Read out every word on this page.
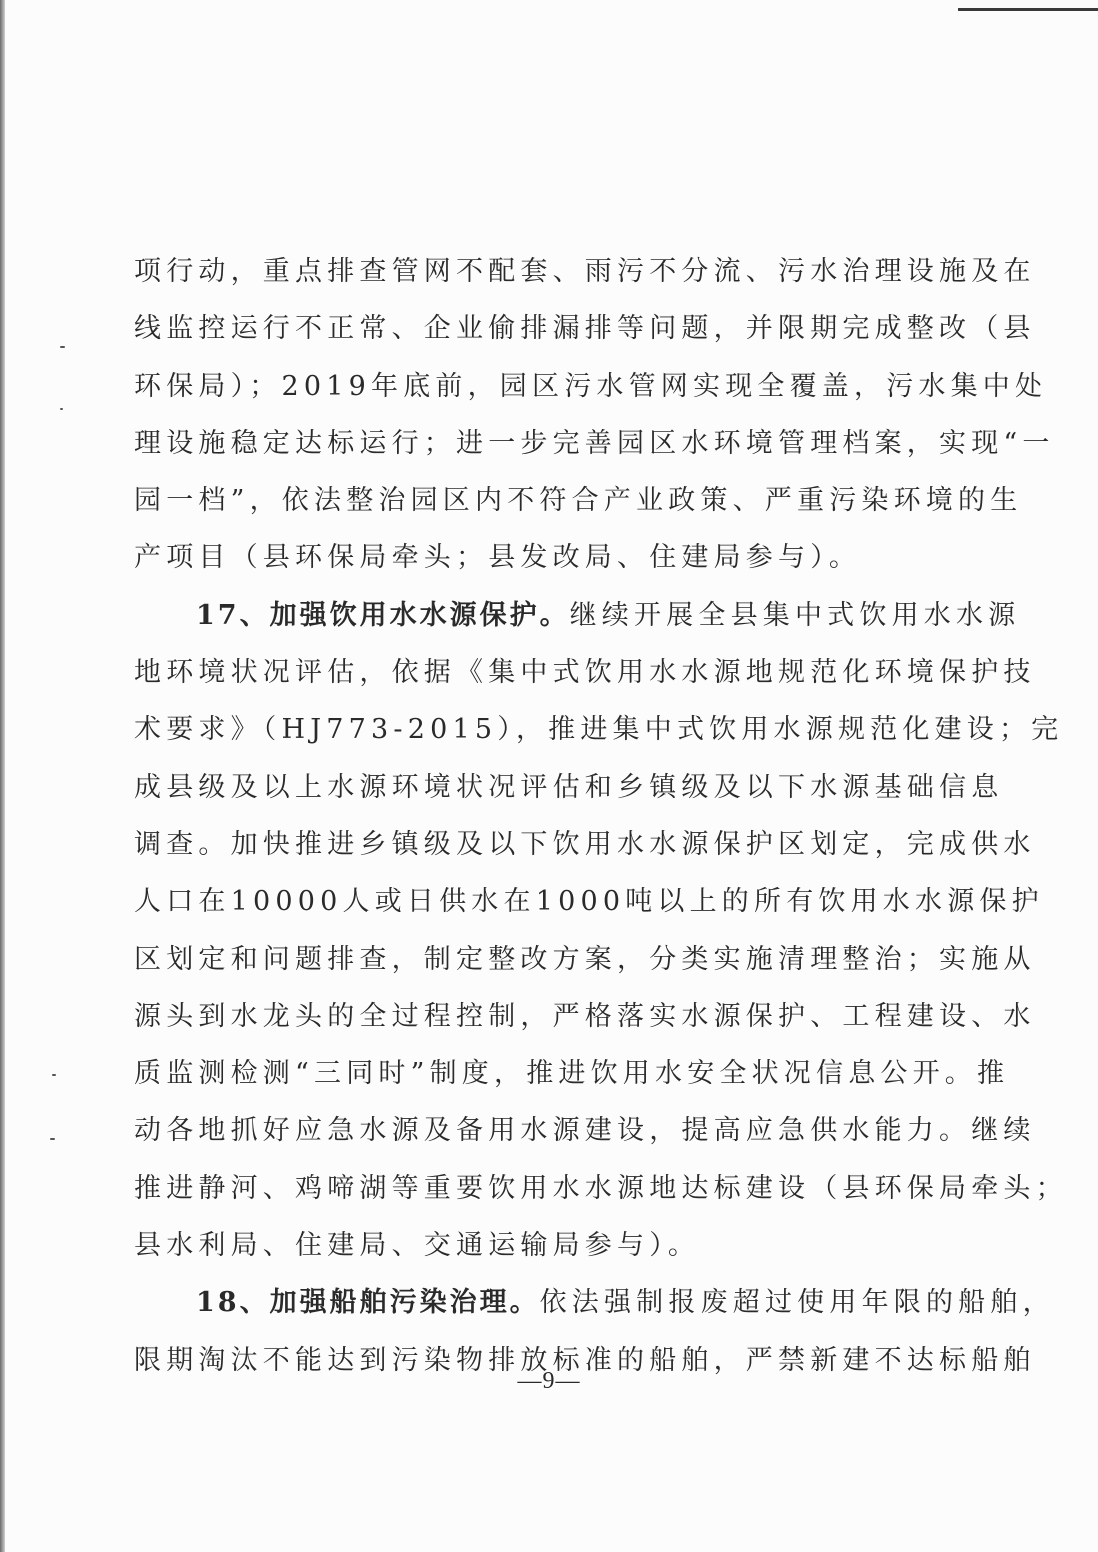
项行动，重点排查管网不配套、雨污不分流、污水治理设施及在
线监控运行不正常、企业偷排漏排等问题，并限期完成整改（县
环保局）；2019年底前，园区污水管网实现全覆盖，污水集中处
理设施稳定达标运行；进一步完善园区水环境管理档案，实现“一
园一档”，依法整治园区内不符合产业政策、严重污染环境的生
产项目（县环保局牵头；县发改局、住建局参与）。
17、加强饮用水水源保护。继续开展全县集中式饮用水水源
地环境状况评估，依据《集中式饮用水水源地规范化环境保护技
术要求》（HJ773-2015），推进集中式饮用水源规范化建设；完
成县级及以上水源环境状况评估和乡镇级及以下水源基础信息
调查。加快推进乡镇级及以下饮用水水源保护区划定，完成供水
人口在10000人或日供水在1000吨以上的所有饮用水水源保护
区划定和问题排查，制定整改方案，分类实施清理整治；实施从
源头到水龙头的全过程控制，严格落实水源保护、工程建设、水
质监测检测“三同时”制度，推进饮用水安全状况信息公开。推
动各地抓好应急水源及备用水源建设，提高应急供水能力。继续
推进静河、鸡啼湖等重要饮用水水源地达标建设（县环保局牵头；
县水利局、住建局、交通运输局参与）。
18、加强船舶污染治理。依法强制报废超过使用年限的船舶，
限期淘汰不能达到污染物排放标准的船舶，严禁新建不达标船舶
—9—
